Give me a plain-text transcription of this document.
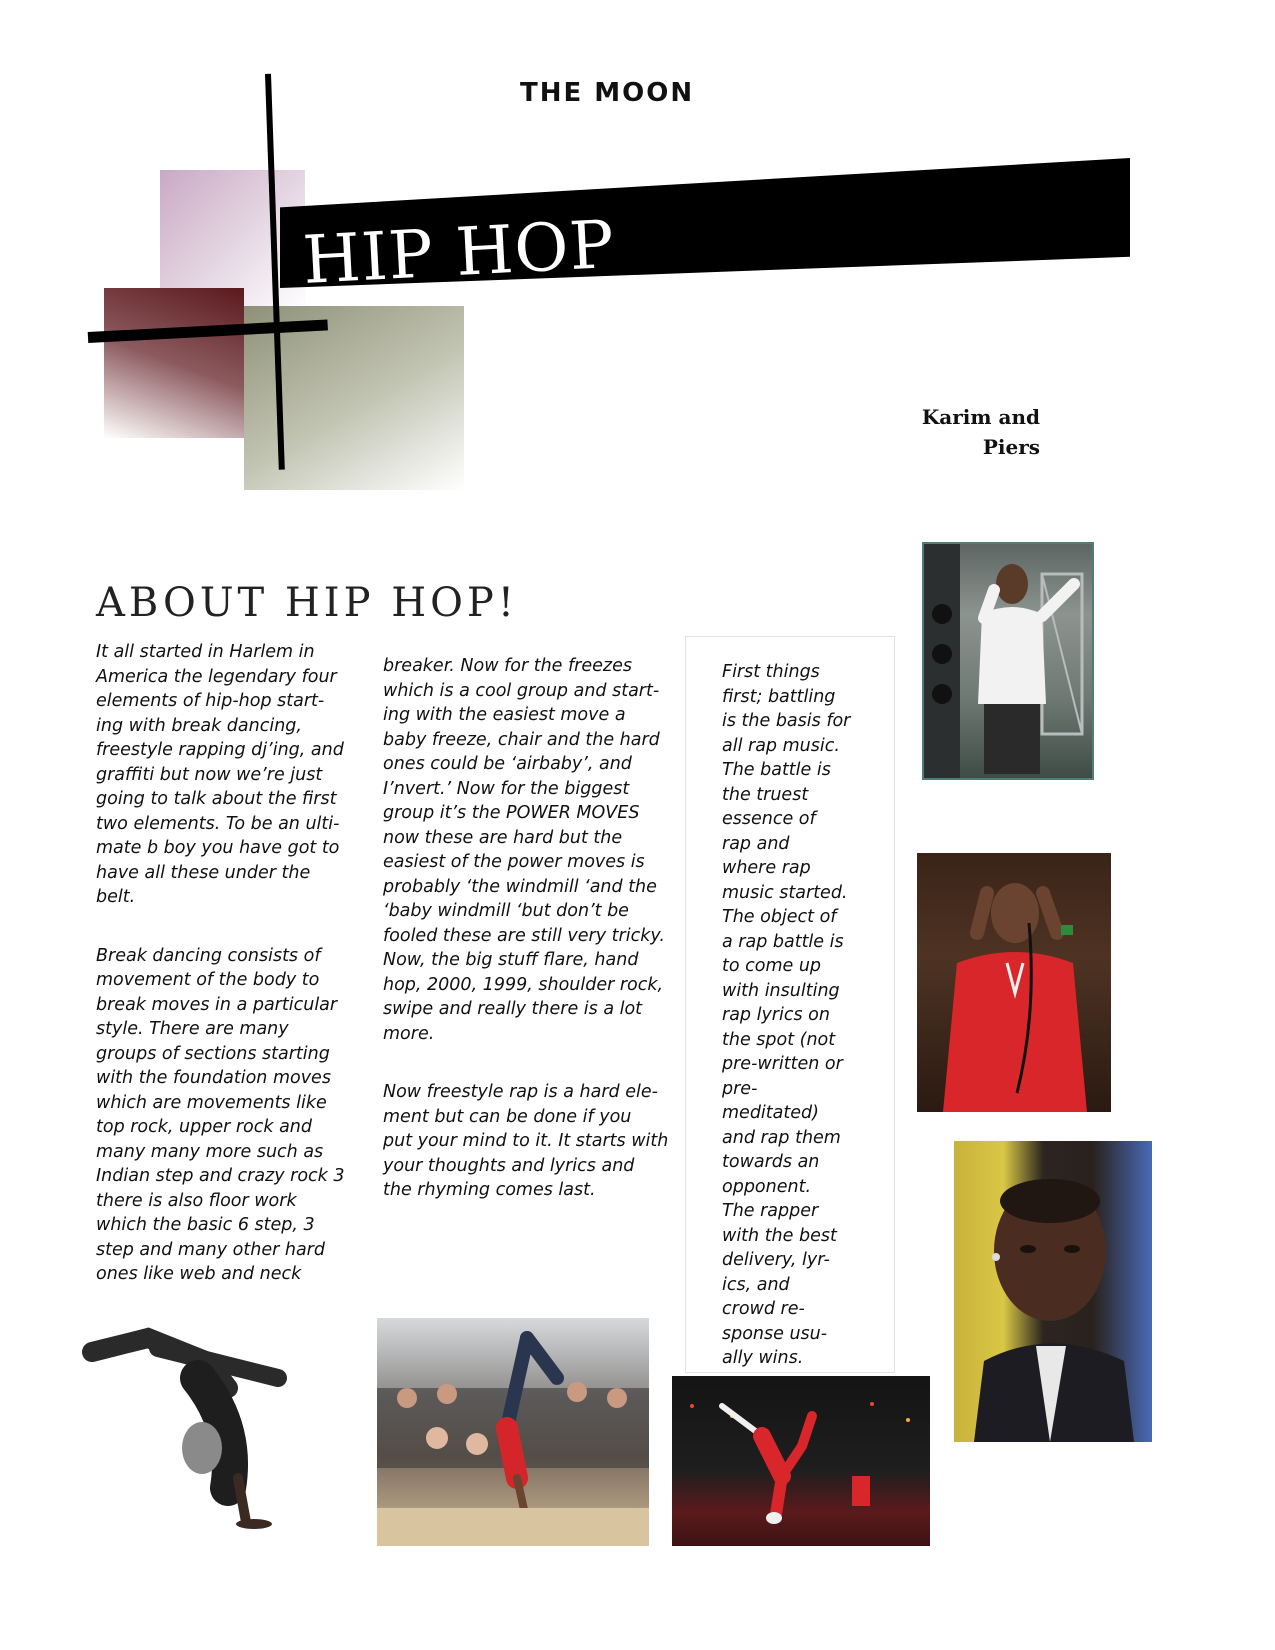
THE MOON
HIP HOP
Karim and
Piers
ABOUT HIP HOP!

It all started in Harlem in
America the legendary four
elements of hip-hop start-
ing with break dancing,
freestyle rapping dj’ing, and
graffiti but now we’re just
going to talk about the first
two elements. To be an ulti-
mate b boy you have got to
have all these under the
belt.

Break dancing consists of
movement of the body to
break moves in a particular
style. There are many
groups of sections starting
with the foundation moves
which are movements like
top rock, upper rock and
many many more such as
Indian step and crazy rock 3
there is also floor work
which the basic 6 step, 3
step and many other hard
ones like web and neck

breaker. Now for the freezes
which is a cool group and start-
ing with the easiest move a
baby freeze, chair and the hard
ones could be ‘airbaby’, and
I’nvert.’ Now for the biggest
group it’s the POWER MOVES
now these are hard but the
easiest of the power moves is
probably ‘the windmill ‘and the
‘baby windmill ‘but don’t be
fooled these are still very tricky.
Now, the big stuff flare, hand
hop, 2000, 1999, shoulder rock,
swipe and really there is a lot
more.

Now freestyle rap is a hard ele-
ment but can be done if you
put your mind to it. It starts with
your thoughts and lyrics and
the rhyming comes last.

First things
first; battling
is the basis for
all rap music.
The battle is
the truest
essence of
rap and
where rap
music started.
The object of
a rap battle is
to come up
with insulting
rap lyrics on
the spot (not
pre-written or
pre-
meditated)
and rap them
towards an
opponent.
The rapper
with the best
delivery, lyr-
ics, and
crowd re-
sponse usu-
ally wins.
